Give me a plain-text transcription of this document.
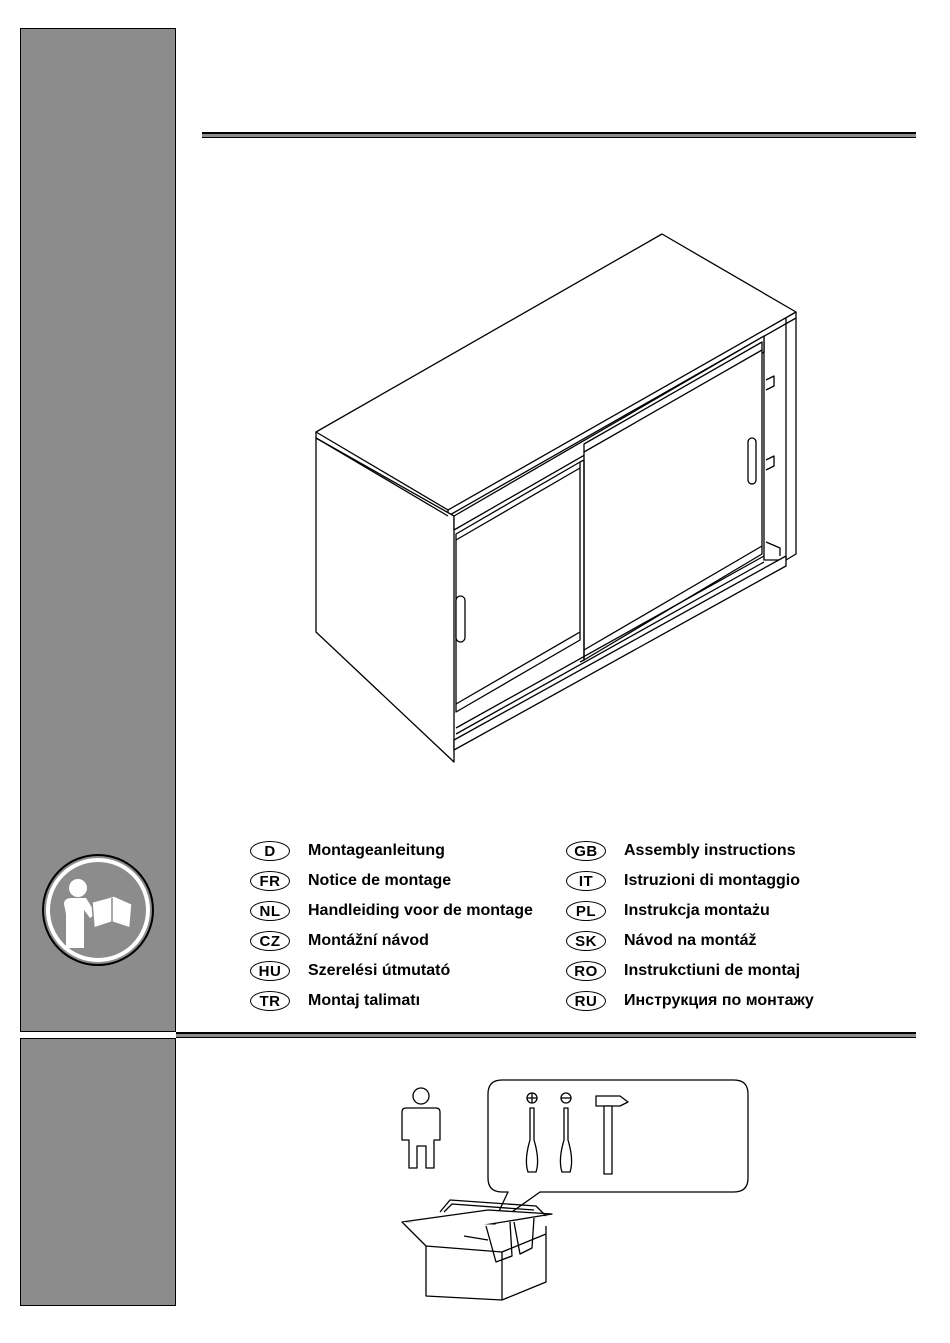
D	Montageanleitung
FR	Notice de montage
NL	Handleiding voor de montage
CZ	Montážní návod
HU	Szerelési útmutató
TR	Montaj talimatı
GB	Assembly instructions
IT	Istruzioni di montaggio
PL	Instrukcja montażu
SK	Návod na montáž
RO	Instrukctiuni de montaj
RU	Инструкция по монтажу
